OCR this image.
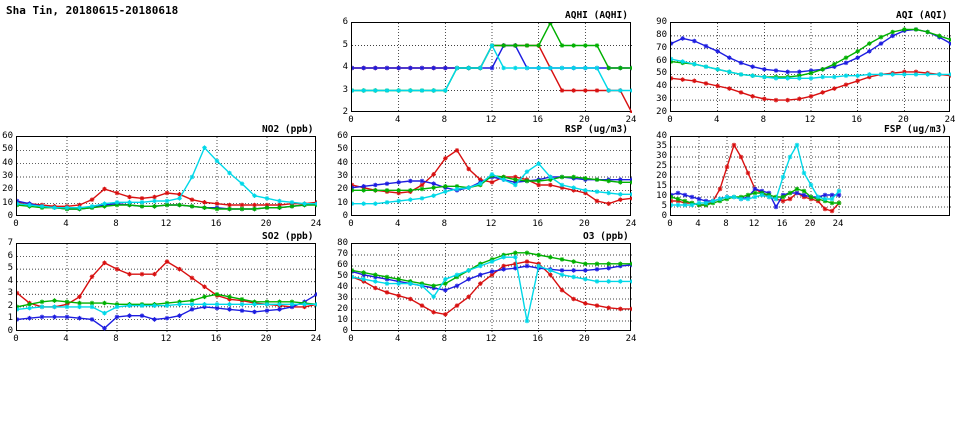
Sha Tin, 20180615-20180618	AQHI (AQHI)
2
3
4
5
6
0	4	8	12	16	20	24
AQI (AQI)
20
30
40
50
60
70
80
90
0	4	8	12	16	20	24
NO2 (ppb)
0
10
20
30
40
50
60
0	4	8	12	16	20	24
RSP (ug/m3)
0
10
20
30
40
50
60
0	4	8	12	16	20	24
FSP (ug/m3)
0
5
10
15
20
25
30
35
40
0	4	8	12 16 20 24
SO2 (ppb)
0
1
2
3
4
5
6
7
0	4	8	12	16	20	24
O3 (ppb)
0
10
20
30
40
50
60
70
80
0	4	8	12	16	20	24
